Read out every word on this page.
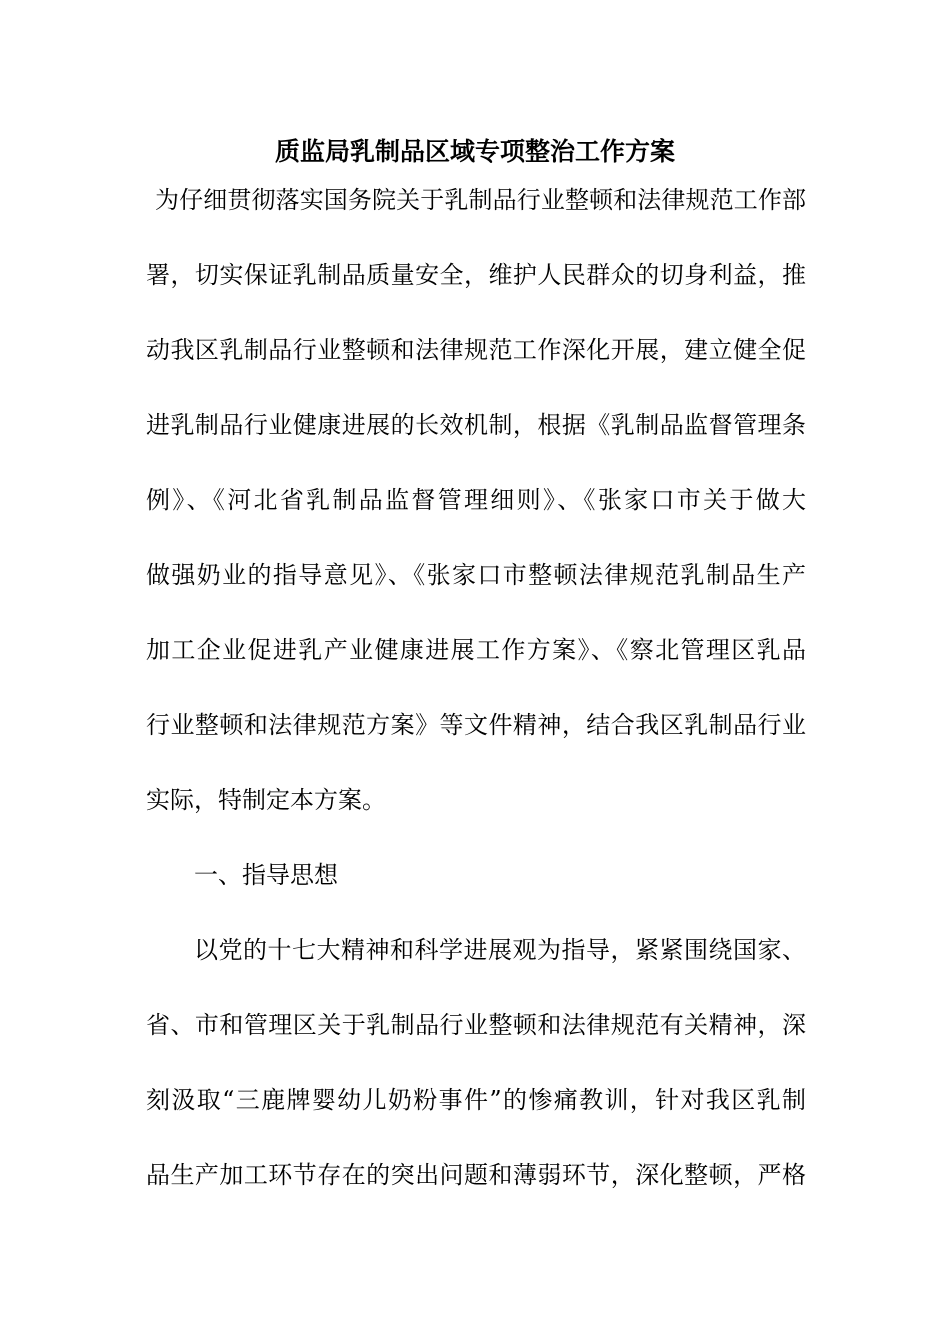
质监局乳制品区域专项整治工作方案
为仔细贯彻落实国务院关于乳制品行业整顿和法律规范工作部
署，切实保证乳制品质量安全，维护人民群众的切身利益，推
动我区乳制品行业整顿和法律规范工作深化开展，建立健全促
进乳制品行业健康进展的长效机制，根据《乳制品监督管理条
例》、《河北省乳制品监督管理细则》、《张家口市关于做大
做强奶业的指导意见》、《张家口市整顿法律规范乳制品生产
加工企业促进乳产业健康进展工作方案》、《察北管理区乳品
行业整顿和法律规范方案》等文件精神，结合我区乳制品行业
实际，特制定本方案。
一、指导思想
以党的十七大精神和科学进展观为指导，紧紧围绕国家、
省、市和管理区关于乳制品行业整顿和法律规范有关精神，深
刻汲取“三鹿牌婴幼儿奶粉事件”的惨痛教训，针对我区乳制
品生产加工环节存在的突出问题和薄弱环节，深化整顿，严格
